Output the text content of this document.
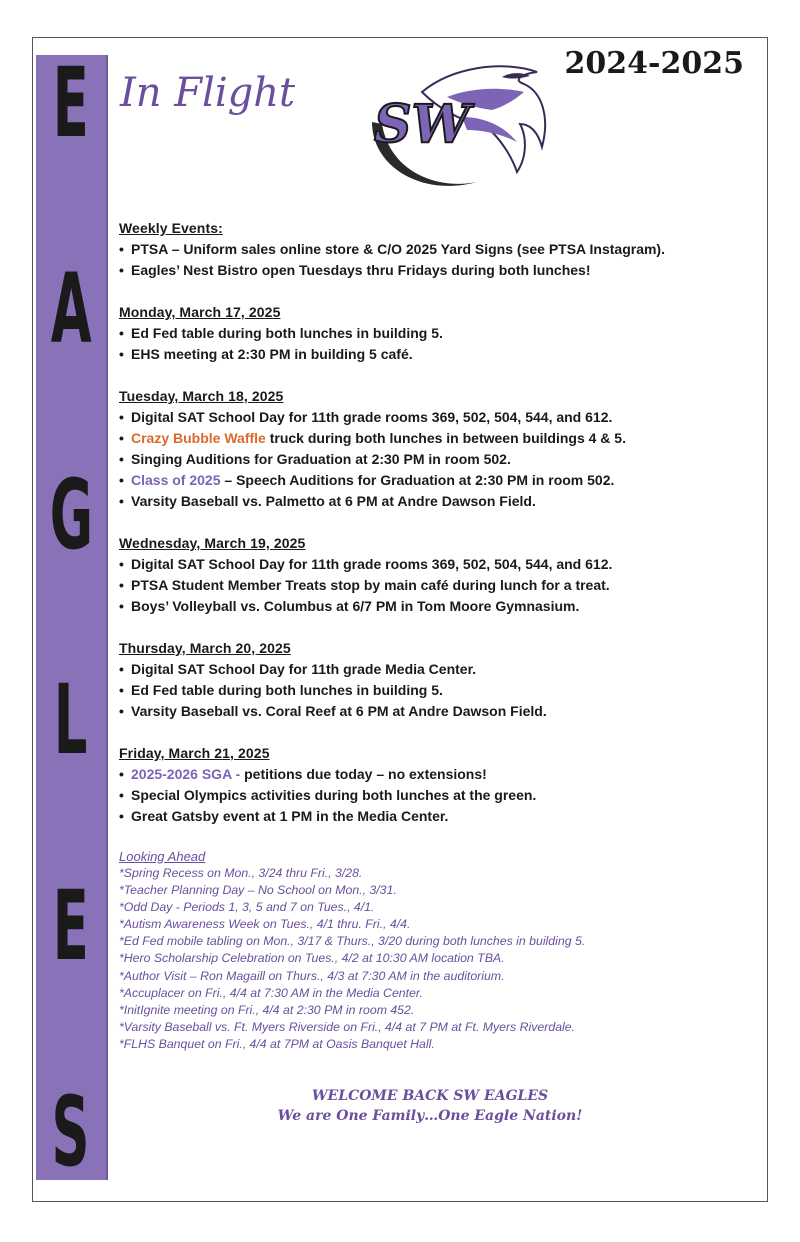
E
A
G
L
E
S
2024-2025
In Flight
SW
Weekly Events:
• PTSA – Uniform sales online store & C/O 2025 Yard Signs (see PTSA Instagram).
• Eagles’ Nest Bistro open Tuesdays thru Fridays during both lunches!
Monday, March 17, 2025
• Ed Fed table during both lunches in building 5.
• EHS meeting at 2:30 PM in building 5 café.
Tuesday, March 18, 2025
• Digital SAT School Day for 11th grade rooms 369, 502, 504, 544, and 612.
• Crazy Bubble Waffle truck during both lunches in between buildings 4 & 5.
• Singing Auditions for Graduation at 2:30 PM in room 502.
• Class of 2025 – Speech Auditions for Graduation at 2:30 PM in room 502.
• Varsity Baseball vs. Palmetto at 6 PM at Andre Dawson Field.
Wednesday, March 19, 2025
• Digital SAT School Day for 11th grade rooms 369, 502, 504, 544, and 612.
• PTSA Student Member Treats stop by main café during lunch for a treat.
• Boys’ Volleyball vs. Columbus at 6/7 PM in Tom Moore Gymnasium.
Thursday, March 20, 2025
• Digital SAT School Day for 11th grade Media Center.
• Ed Fed table during both lunches in building 5.
• Varsity Baseball vs. Coral Reef at 6 PM at Andre Dawson Field.
Friday, March 21, 2025
• 2025-2026 SGA - petitions due today – no extensions!
• Special Olympics activities during both lunches at the green.
• Great Gatsby event at 1 PM in the Media Center.
Looking Ahead
*Spring Recess on Mon., 3/24 thru Fri., 3/28.
*Teacher Planning Day – No School on Mon., 3/31.
*Odd Day - Periods 1, 3, 5 and 7 on Tues., 4/1.
*Autism Awareness Week on Tues., 4/1 thru. Fri., 4/4.
*Ed Fed mobile tabling on Mon., 3/17 & Thurs., 3/20 during both lunches in building 5.
*Hero Scholarship Celebration on Tues., 4/2 at 10:30 AM location TBA.
*Author Visit – Ron Magaill on Thurs., 4/3 at 7:30 AM in the auditorium.
*Accuplacer on Fri., 4/4 at 7:30 AM in the Media Center.
*InitIgnite meeting on Fri., 4/4 at 2:30 PM in room 452.
*Varsity Baseball vs. Ft. Myers Riverside on Fri., 4/4 at 7 PM at Ft. Myers Riverdale.
*FLHS Banquet on Fri., 4/4 at 7PM at Oasis Banquet Hall.
WELCOME BACK SW EAGLES
We are One Family…One Eagle Nation!
